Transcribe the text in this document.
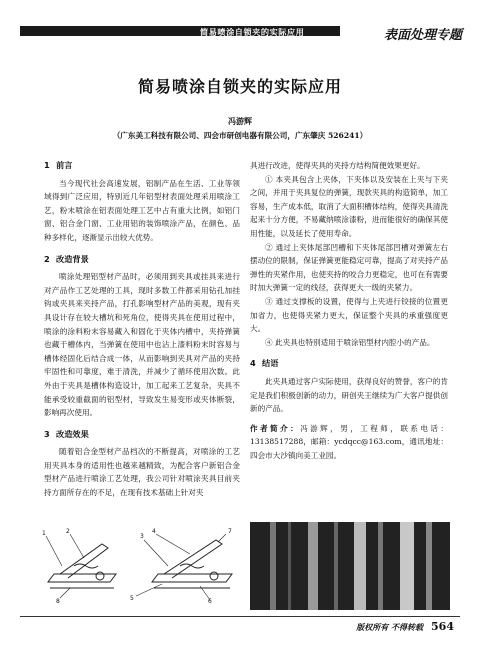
简易喷涂自锁夹的实际应用	表面处理专题
简易喷涂自锁夹的实际应用
冯游辉
（广东美工科技有限公司、四会市研创电器有限公司，广东肇庆 526241）
1 前言

当今现代社会高速发展，铝制产品在生活、工业等领域得到广泛应用，特别近几年铝型材表面处理采用喷涂工艺，粉末喷涂在铝表面处理工艺中占有重大比例，如铝门窗、铝合金门窗、工业用铝的装饰喷涂产品，在颜色、品种多样化，逐渐显示出较大优势。

2 改造背景

喷涂处理铝型材产品时，必须用到夹具或挂具来进行对产品作工艺处理的工具，现时多数工件都采用钻孔加挂钩或夹具来夹持产品，打孔影响型材产品的美观，现有夹具设计存在较大槽坑和死角位，使得夹具在使用过程中，喷涂的涂料粉末容易藏入和固化于夹体内槽中，夹持弹簧也藏于槽体内，当弹簧在使用中也沾上漆料粉末时容易与槽体经固化后结合成一体，从而影响到夹具对产品的夹持牢固性和可靠度，难于清洗，并减少了循环使用次数。此外由于夹具是槽体构造设计，加工起来工艺复杂，夹具不能承受较重截面的铝型材，导致发生易变形或夹体断裂，影响再次使用。

3 改造效果

随着铝合金型材产品档次的不断提高，对喷涂的工艺用夹具本身的适用性也越来越精致，为配合客户新铝合金型材产品进行喷涂工艺处理，我公司针对喷涂夹具目前夹持方面所存在的不足，在现有技术基础上针对夹

具进行改进，使得夹具的夹持方结构简便效果更好。

① 本夹具包含上夹体，下夹体以及安装在上夹与下夹之间，并用于夹具复位的弹簧，现款夹具的构造简单，加工容易，生产成本低，取消了大面积槽体结构，使得夹具清洗起来十分方便，不易藏纳喷涂漆粉，进而能很好的确保其使用性能，以及延长了使用寿命。

② 通过上夹体尾部凹槽和下夹体尾部凹槽对弹簧左右摆动位的限制，保证弹簧更能稳定可靠，提高了对夹持产品弹性的夹紧作用，也使夹持的咬合力更稳定，也可在有需要时加大弹簧一定的线径，获得更大一级的夹紧力。

③ 通过支撑板的设置，使得与上夹进行铰接的位置更加省力，也使得夹紧力更大，保证整个夹具的承重强度更大。

④ 此夹具也特别适用于喷涂铝型材内腔小的产品。

4 结语

此夹具通过客户实际使用，获得良好的赞誉，客户的肯定是我们积极创新的动力，研创夹王继续为广大客户提供创新的产品。

作者简介：冯游辉，男，工程师，联系电话：13138517288，邮箱：ycdqcc@163.com，通讯地址：四会市大沙镇向美工业园。

1	2
3
4
5	6
7
8
版权所有 不得转载 564
